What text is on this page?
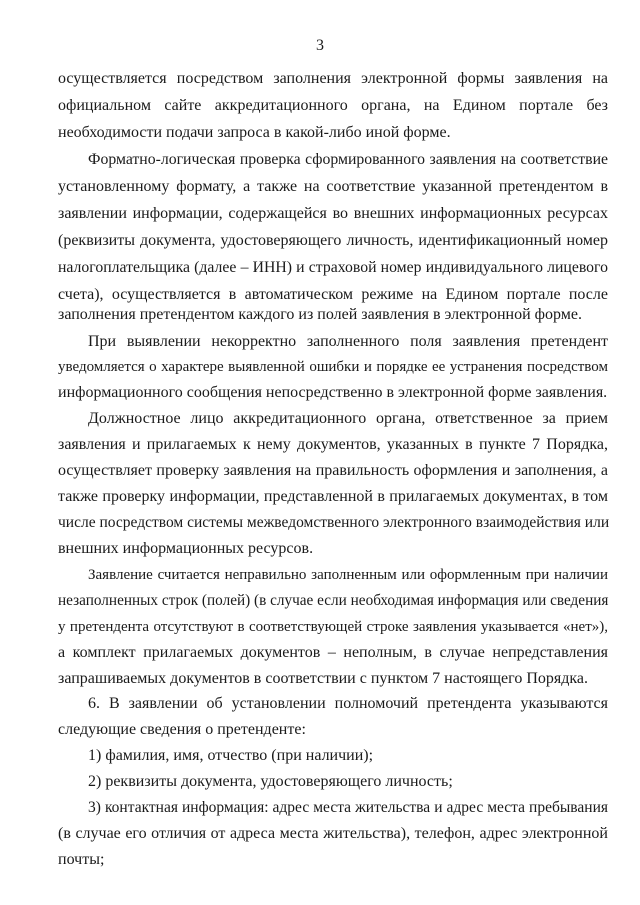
3
осуществляется посредством заполнения электронной формы заявления на
официальном сайте аккредитационного органа, на Едином портале без
необходимости подачи запроса в какой-либо иной форме.
Форматно-логическая проверка сформированного заявления на соответствие
установленному формату, а также на соответствие указанной претендентом в
заявлении информации, содержащейся во внешних информационных ресурсах
(реквизиты документа, удостоверяющего личность, идентификационный номер
налогоплательщика (далее – ИНН) и страховой номер индивидуального лицевого
счета), осуществляется в автоматическом режиме на Едином портале после
заполнения претендентом каждого из полей заявления в электронной форме.
При выявлении некорректно заполненного поля заявления претендент
уведомляется о характере выявленной ошибки и порядке ее устранения посредством
информационного сообщения непосредственно в электронной форме заявления.
Должностное лицо аккредитационного органа, ответственное за прием
заявления и прилагаемых к нему документов, указанных в пункте 7 Порядка,
осуществляет проверку заявления на правильность оформления и заполнения, а
также проверку информации, представленной в прилагаемых документах, в том
числе посредством системы межведомственного электронного взаимодействия или
внешних информационных ресурсов.
Заявление считается неправильно заполненным или оформленным при наличии
незаполненных строк (полей) (в случае если необходимая информация или сведения
у претендента отсутствуют в соответствующей строке заявления указывается «нет»),
а комплект прилагаемых документов – неполным, в случае непредставления
запрашиваемых документов в соответствии с пунктом 7 настоящего Порядка.
6. В заявлении об установлении полномочий претендента указываются
следующие сведения о претенденте:
1) фамилия, имя, отчество (при наличии);
2) реквизиты документа, удостоверяющего личность;
3) контактная информация: адрес места жительства и адрес места пребывания
(в случае его отличия от адреса места жительства), телефон, адрес электронной
почты;
